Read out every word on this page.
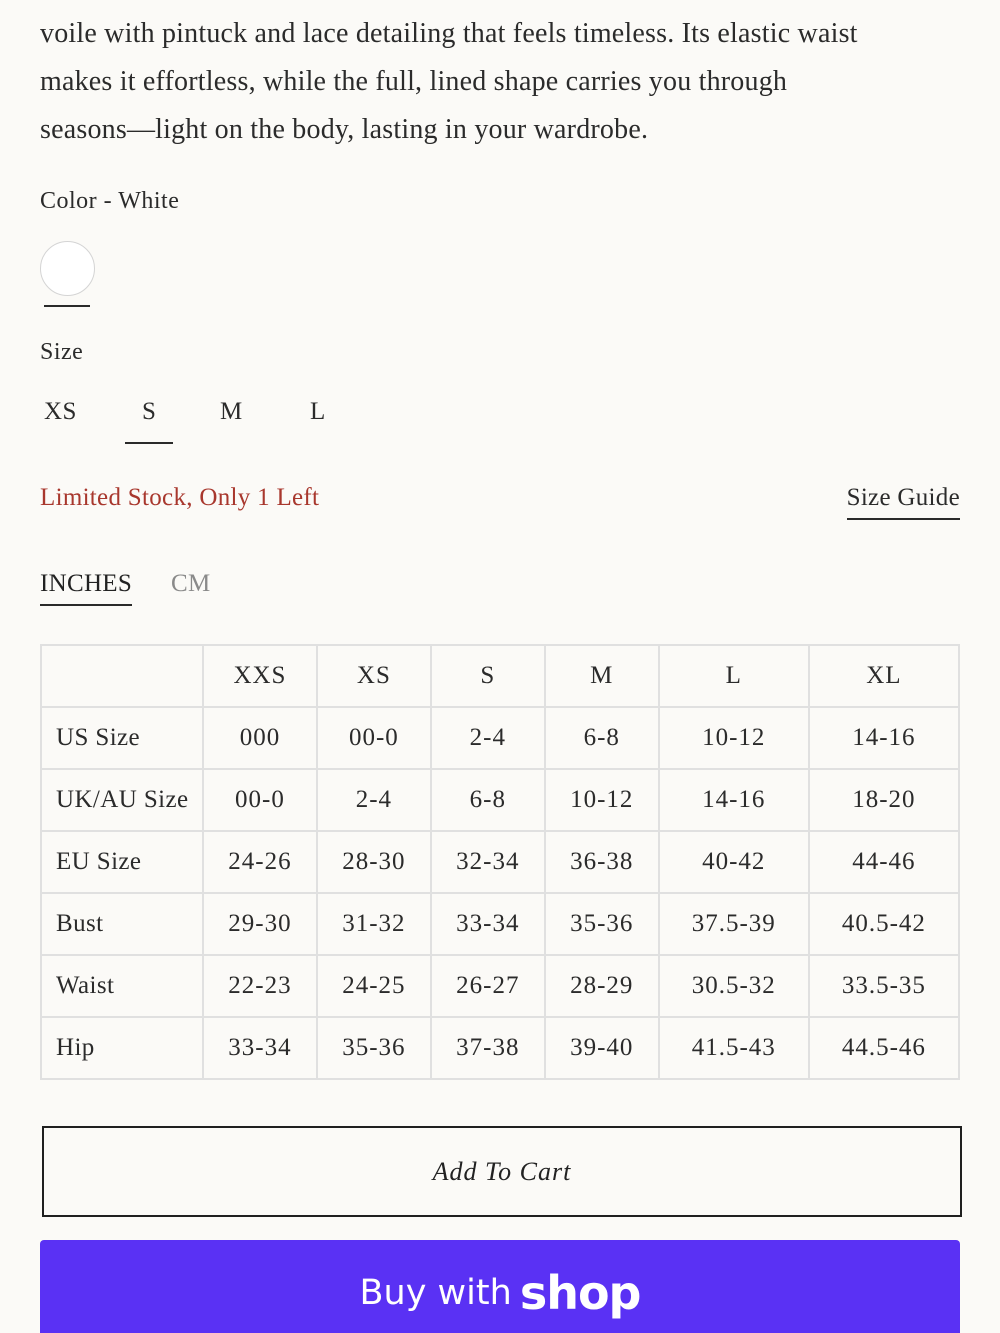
voile with pintuck and lace detailing that feels timeless. Its elastic waist

makes it effortless, while the full, lined shape carries you through

seasons—light on the body, lasting in your wardrobe.

Color - White
Size
XS	S	M	L
Limited Stock, Only 1 Left	Size Guide
INCHES CM
	XXS	XS	S	M	L	XL
US Size	000	00-0	2-4	6-8	10-12	14-16
UK/AU Size	00-0	2-4	6-8	10-12	14-16	18-20
EU Size	24-26	28-30	32-34	36-38	40-42	44-46
Bust	29-30	31-32	33-34	35-36	37.5-39	40.5-42
Waist	22-23	24-25	26-27	28-29	30.5-32	33.5-35
Hip	33-34	35-36	37-38	39-40	41.5-43	44.5-46
Add To Cart
Buy with shop
